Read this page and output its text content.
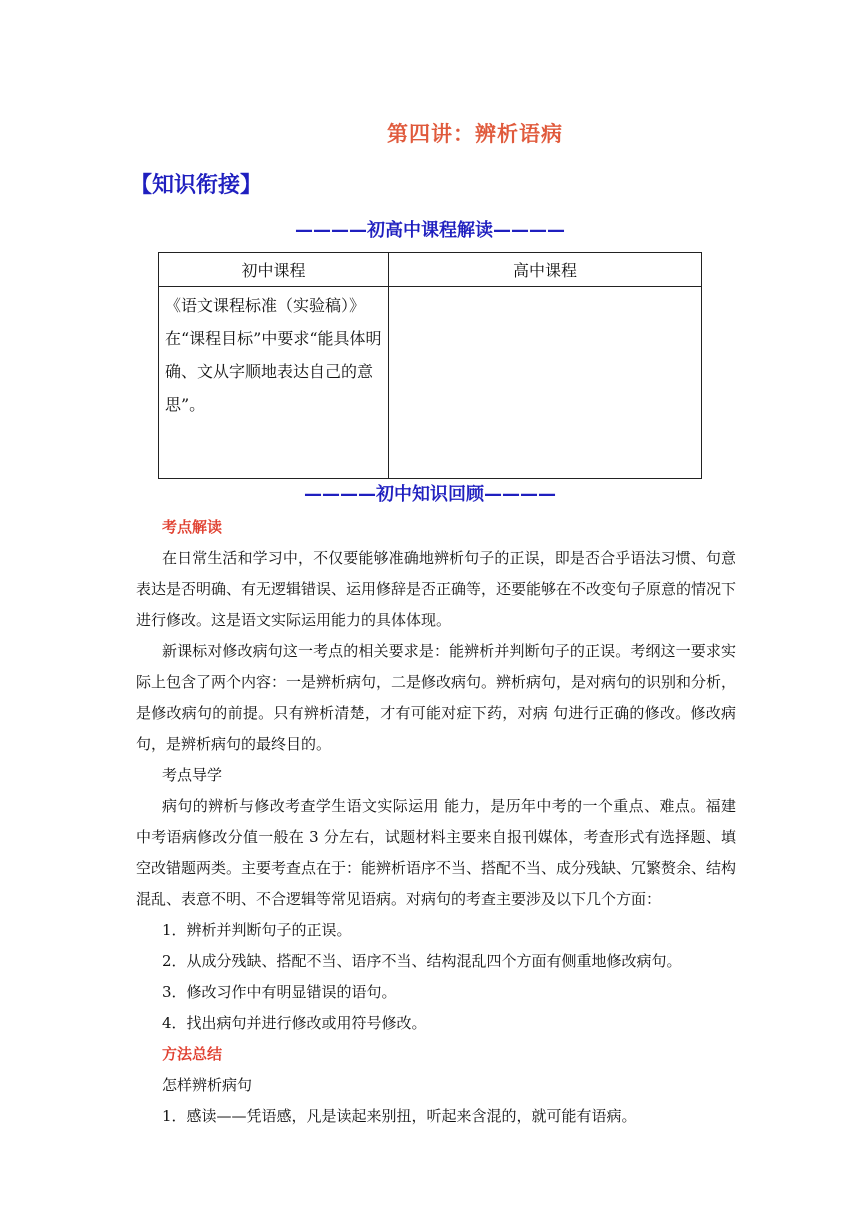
第四讲：辨析语病
【知识衔接】
————初高中课程解读————
初中课程	高中课程
《语文课程标准（实验稿）》在“课程目标”中要求“能具体明确、文从字顺地表达自己的意思”。	
————初中知识回顾————
考点解读

在日常生活和学习中，不仅要能够准确地辨析句子的正误，即是否合乎语法习惯、句意表达是否明确、有无逻辑错误、运用修辞是否正确等，还要能够在不改变句子原意的情况下进行修改。这是语文实际运用能力的具体体现。

新课标对修改病句这一考点的相关要求是：能辨析并判断句子的正误。考纲这一要求实际上包含了两个内容：一是辨析病句，二是修改病句。辨析病句，是对病句的识别和分析，是修改病句的前提。只有辨析清楚，才有可能对症下药，对病 句进行正确的修改。修改病句，是辨析病句的最终目的。

考点导学

病句的辨析与修改考查学生语文实际运用 能力，是历年中考的一个重点、难点。福建中考语病修改分值一般在 3 分左右，试题材料主要来自报刊媒体，考查形式有选择题、填空改错题两类。主要考查点在于：能辨析语序不当、搭配不当、成分残缺、冗繁赘余、结构混乱、表意不明、不合逻辑等常见语病。对病句的考查主要涉及以下几个方面：

1．辨析并判断句子的正误。
2．从成分残缺、搭配不当、语序不当、结构混乱四个方面有侧重地修改病句。
3．修改习作中有明显错误的语句。
4．找出病句并进行修改或用符号修改。
方法总结
怎样辨析病句
1．感读——凭语感，凡是读起来别扭，听起来含混的，就可能有语病。
